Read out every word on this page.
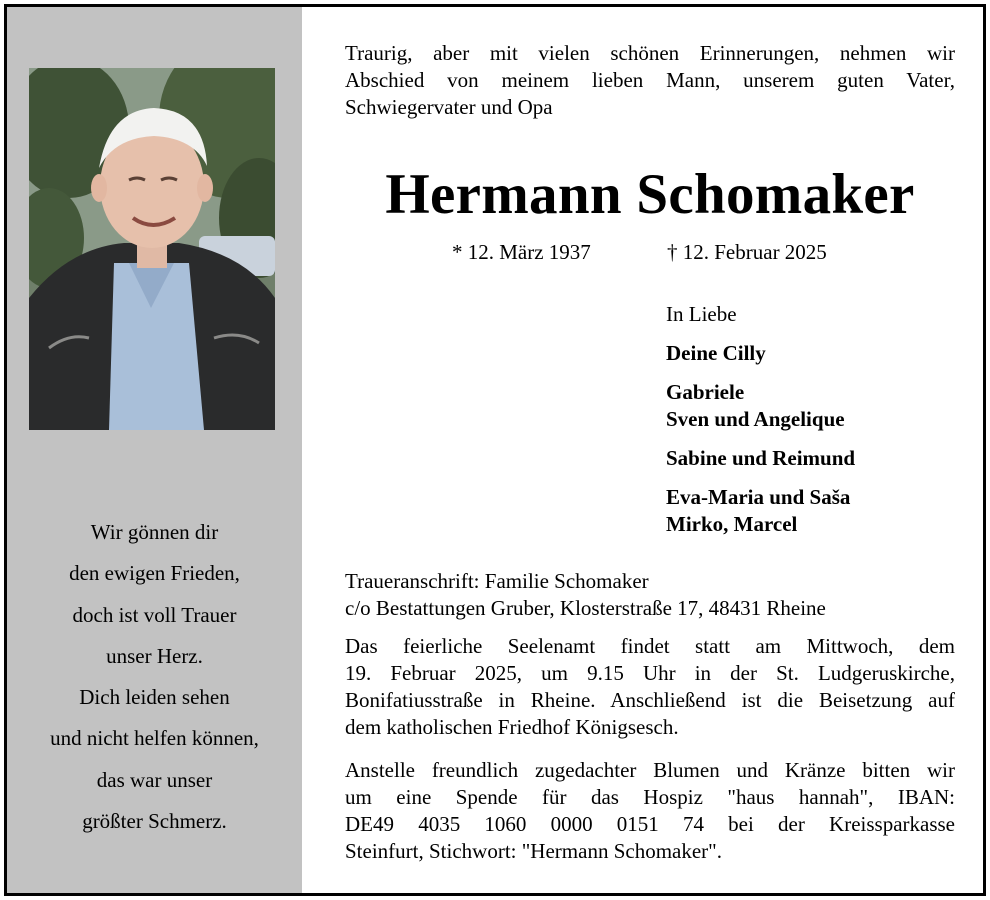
Wir gönnen dir
den ewigen Frieden,
doch ist voll Trauer
unser Herz.
Dich leiden sehen
und nicht helfen können,
das war unser
größter Schmerz.
Traurig, aber mit vielen schönen Erinnerungen, nehmen wir
Abschied von meinem lieben Mann, unserem guten Vater,
Schwiegervater und Opa
Hermann Schomaker
* 12. März 1937	† 12. Februar 2025
In Liebe
Deine Cilly
Gabriele
Sven und Angelique
Sabine und Reimund
Eva-Maria und Saša
Mirko, Marcel
Traueranschrift: Familie Schomaker
c/o Bestattungen Gruber, Klosterstraße 17, 48431 Rheine
Das feierliche Seelenamt findet statt am Mittwoch, dem
19. Februar 2025, um 9.15 Uhr in der St. Ludgeruskirche,
Bonifatiusstraße in Rheine. Anschließend ist die Beisetzung auf
dem katholischen Friedhof Königsesch.
Anstelle freundlich zugedachter Blumen und Kränze bitten wir
um eine Spende für das Hospiz "haus hannah", IBAN:
DE49 4035 1060 0000 0151 74 bei der Kreissparkasse
Steinfurt, Stichwort: "Hermann Schomaker".
